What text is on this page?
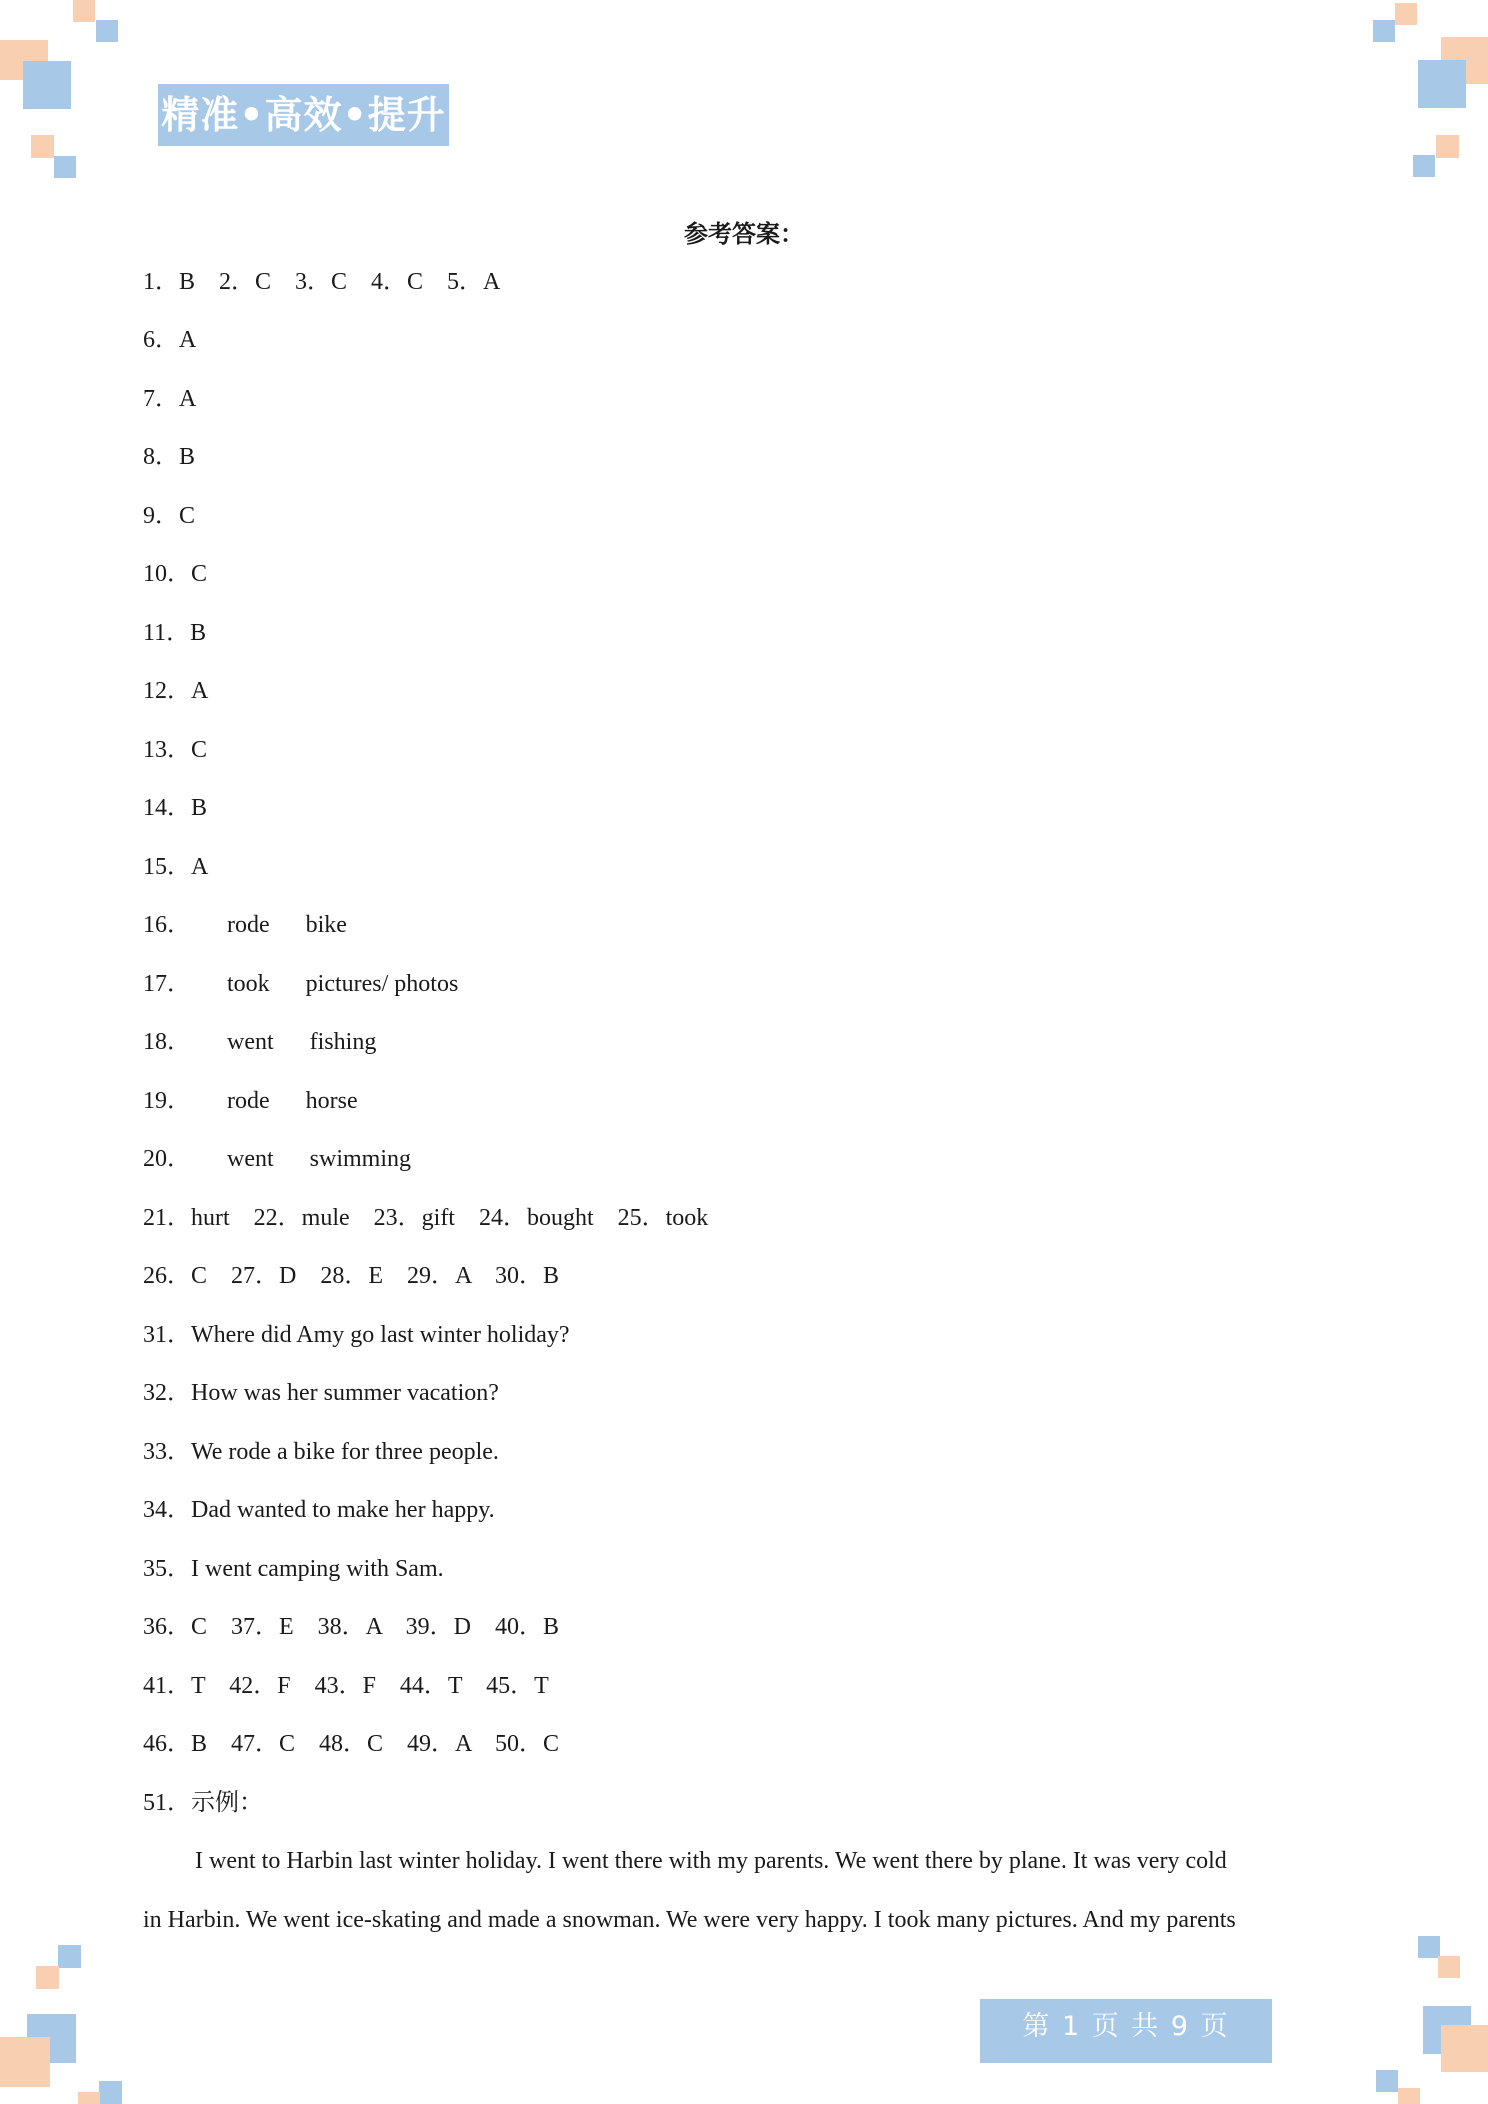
精准•高效•提升
参考答案：
1．B    2．C    3．C    4．C    5．A
6．A
7．A
8．B
9．C
10．C
11．B
12．A
13．C
14．B
15．A
16．      rode      bike
17．      took      pictures/ photos
18．      went      fishing
19．      rode      horse
20．      went      swimming
21．hurt    22．mule    23．gift    24．bought    25．took
26．C    27．D    28．E    29．A    30．B
31．Where did Amy go last winter holiday?
32．How was her summer vacation?
33．We rode a bike for three people.
34．Dad wanted to make her happy.
35．I went camping with Sam.
36．C    37．E    38．A    39．D    40．B
41．T    42．F    43．F    44．T    45．T
46．B    47．C    48．C    49．A    50．C
51．示例：
I went to Harbin last winter holiday. I went there with my parents. We went there by plane. It was very cold
in Harbin. We went ice-skating and made a snowman. We were very happy. I took many pictures. And my parents
第 1 页 共 9 页
